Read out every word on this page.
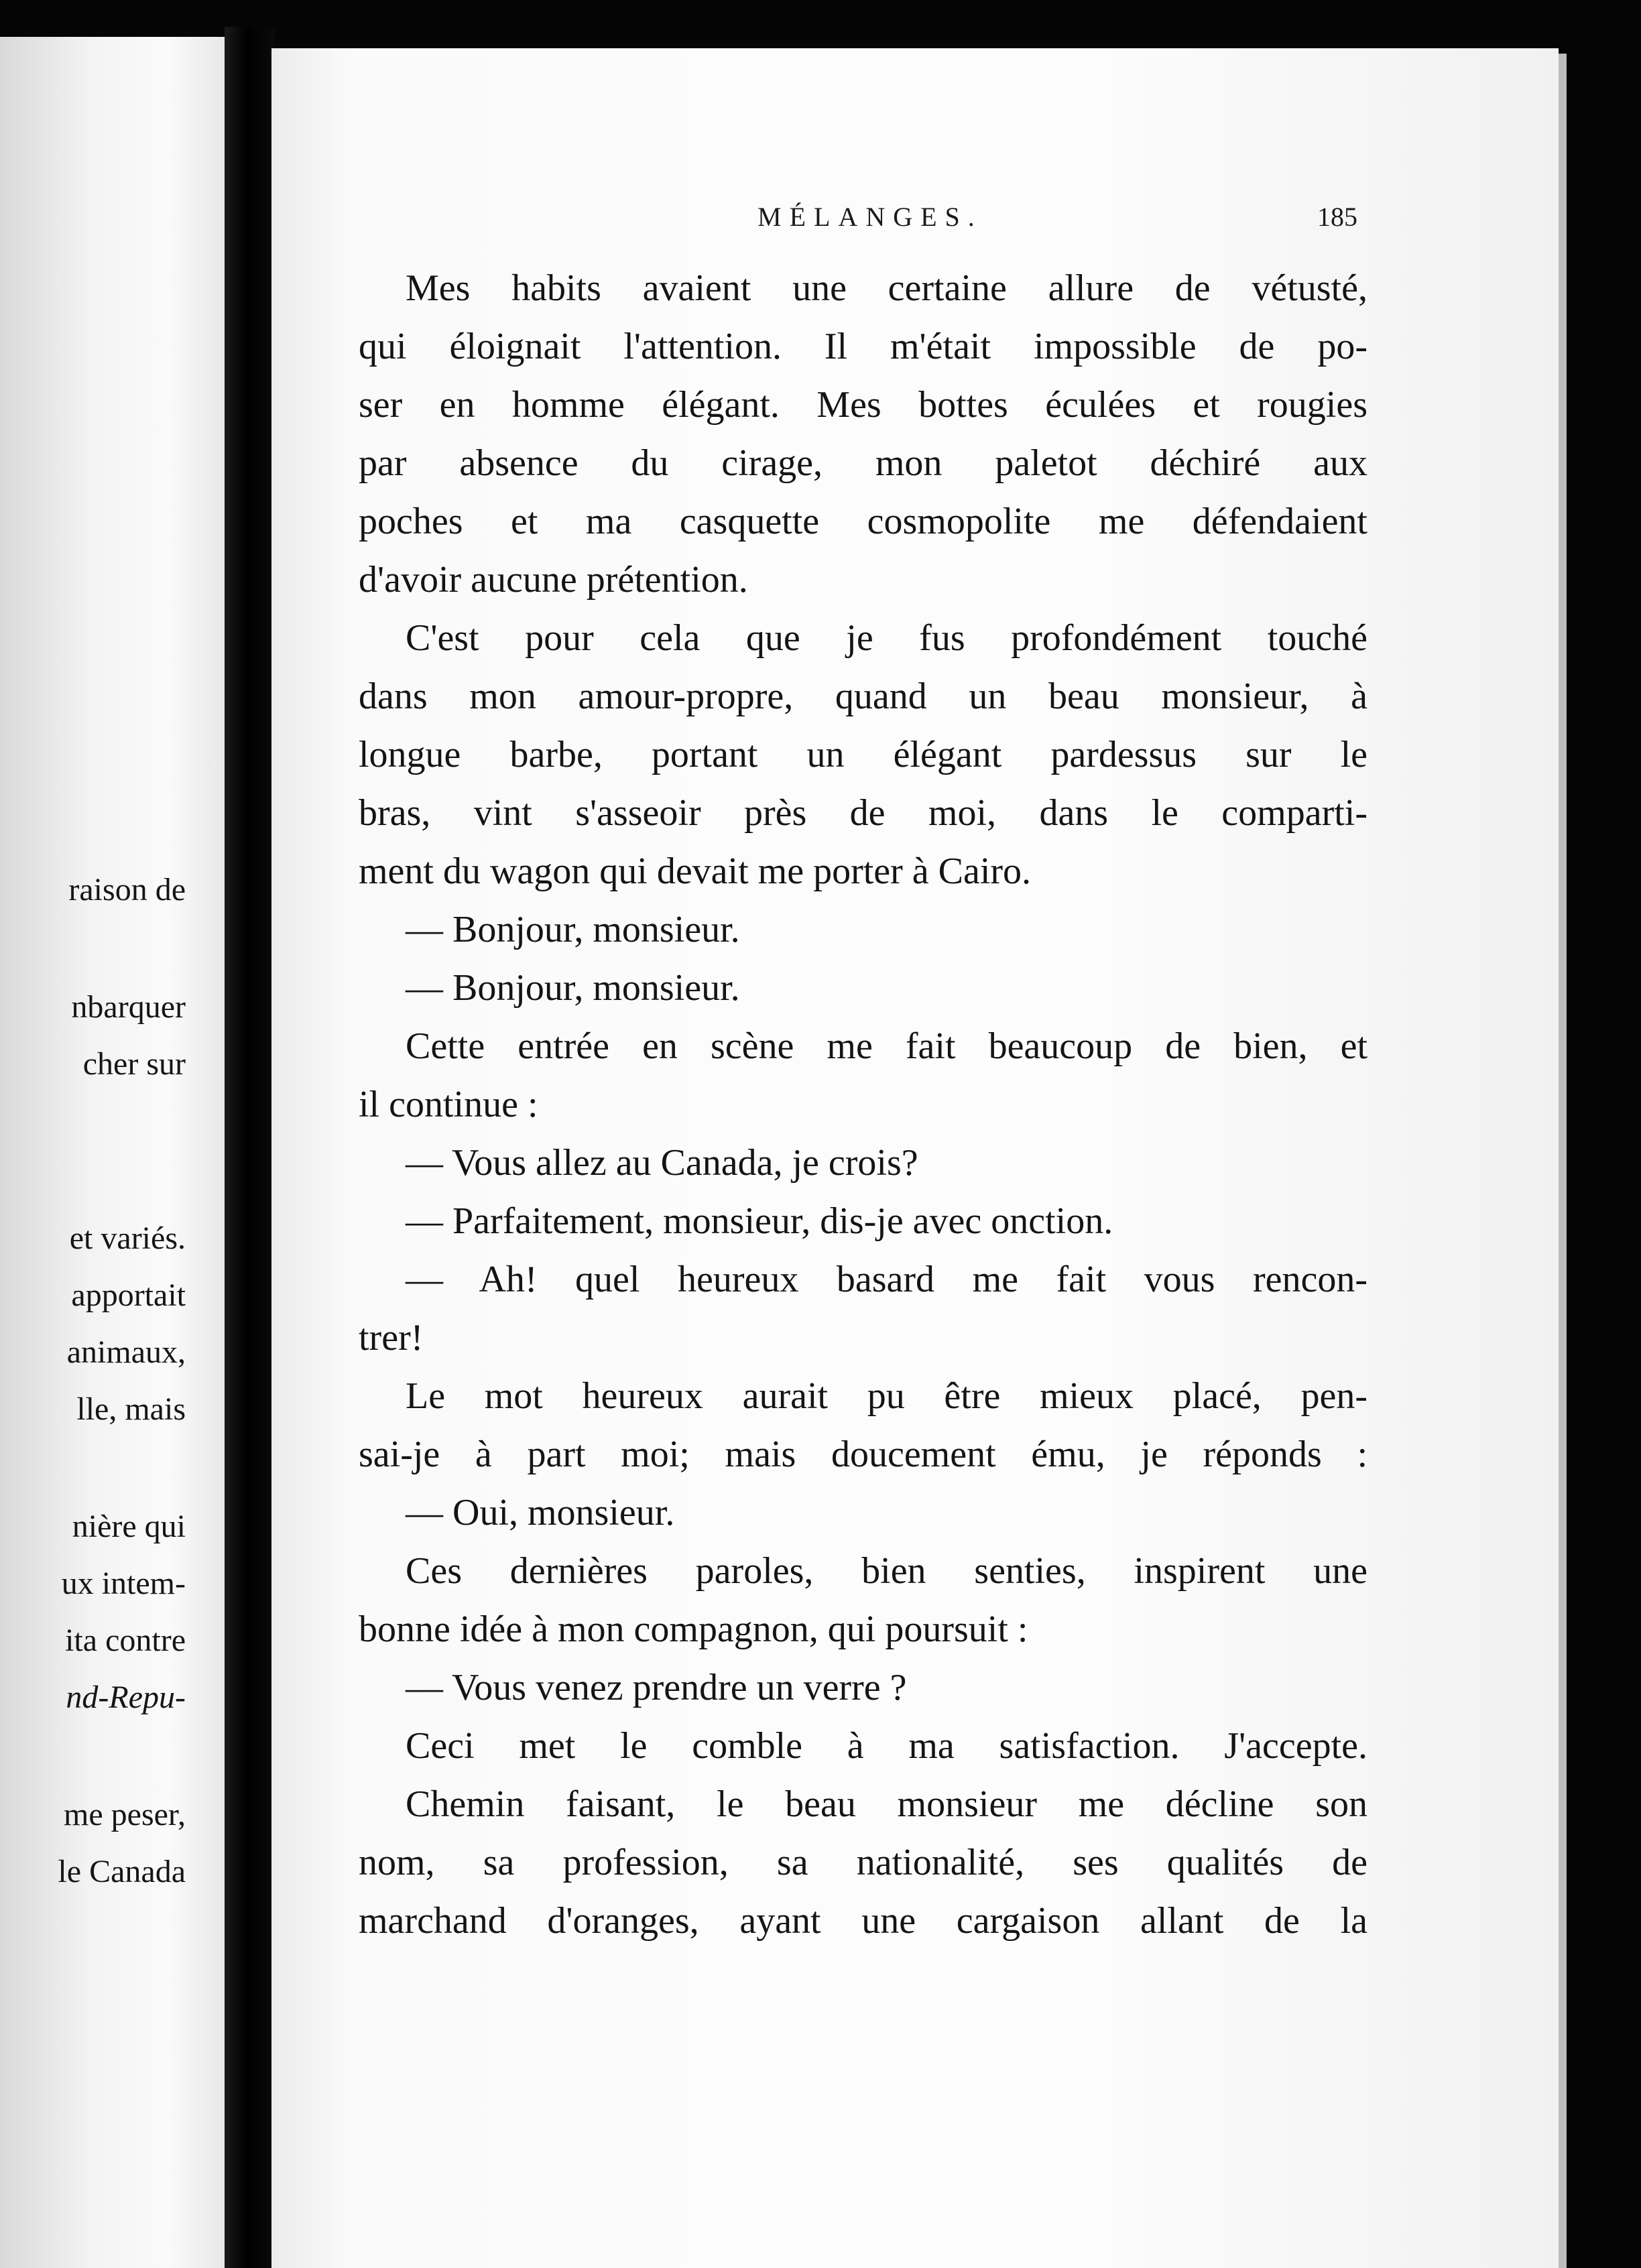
raison de

nbarquer

cher sur

et variés.

apportait

animaux,

lle, mais

nière qui

ux intem-

ita contre

nd-Repu-

me peser,

le Canada

MÉLANGES.	185

Mes habits avaient une certaine allure de vétusté,

qui éloignait l'attention. Il m'était impossible de po-

ser en homme élégant. Mes bottes éculées et rougies

par absence du cirage, mon paletot déchiré aux

poches et ma casquette cosmopolite me défendaient

d'avoir aucune prétention.

C'est pour cela que je fus profondément touché

dans mon amour-propre, quand un beau monsieur, à

longue barbe, portant un élégant pardessus sur le

bras, vint s'asseoir près de moi, dans le comparti-

ment du wagon qui devait me porter à Cairo.

— Bonjour, monsieur.

— Bonjour, monsieur.

Cette entrée en scène me fait beaucoup de bien, et

il continue :

— Vous allez au Canada, je crois?

— Parfaitement, monsieur, dis-je avec onction.

— Ah! quel heureux basard me fait vous rencon-

trer!

Le mot heureux aurait pu être mieux placé, pen-

sai-je à part moi; mais doucement ému, je réponds :

— Oui, monsieur.

Ces dernières paroles, bien senties, inspirent une

bonne idée à mon compagnon, qui poursuit :

— Vous venez prendre un verre ?

Ceci met le comble à ma satisfaction. J'accepte.

Chemin faisant, le beau monsieur me décline son

nom, sa profession, sa nationalité, ses qualités de

marchand d'oranges, ayant une cargaison allant de la
